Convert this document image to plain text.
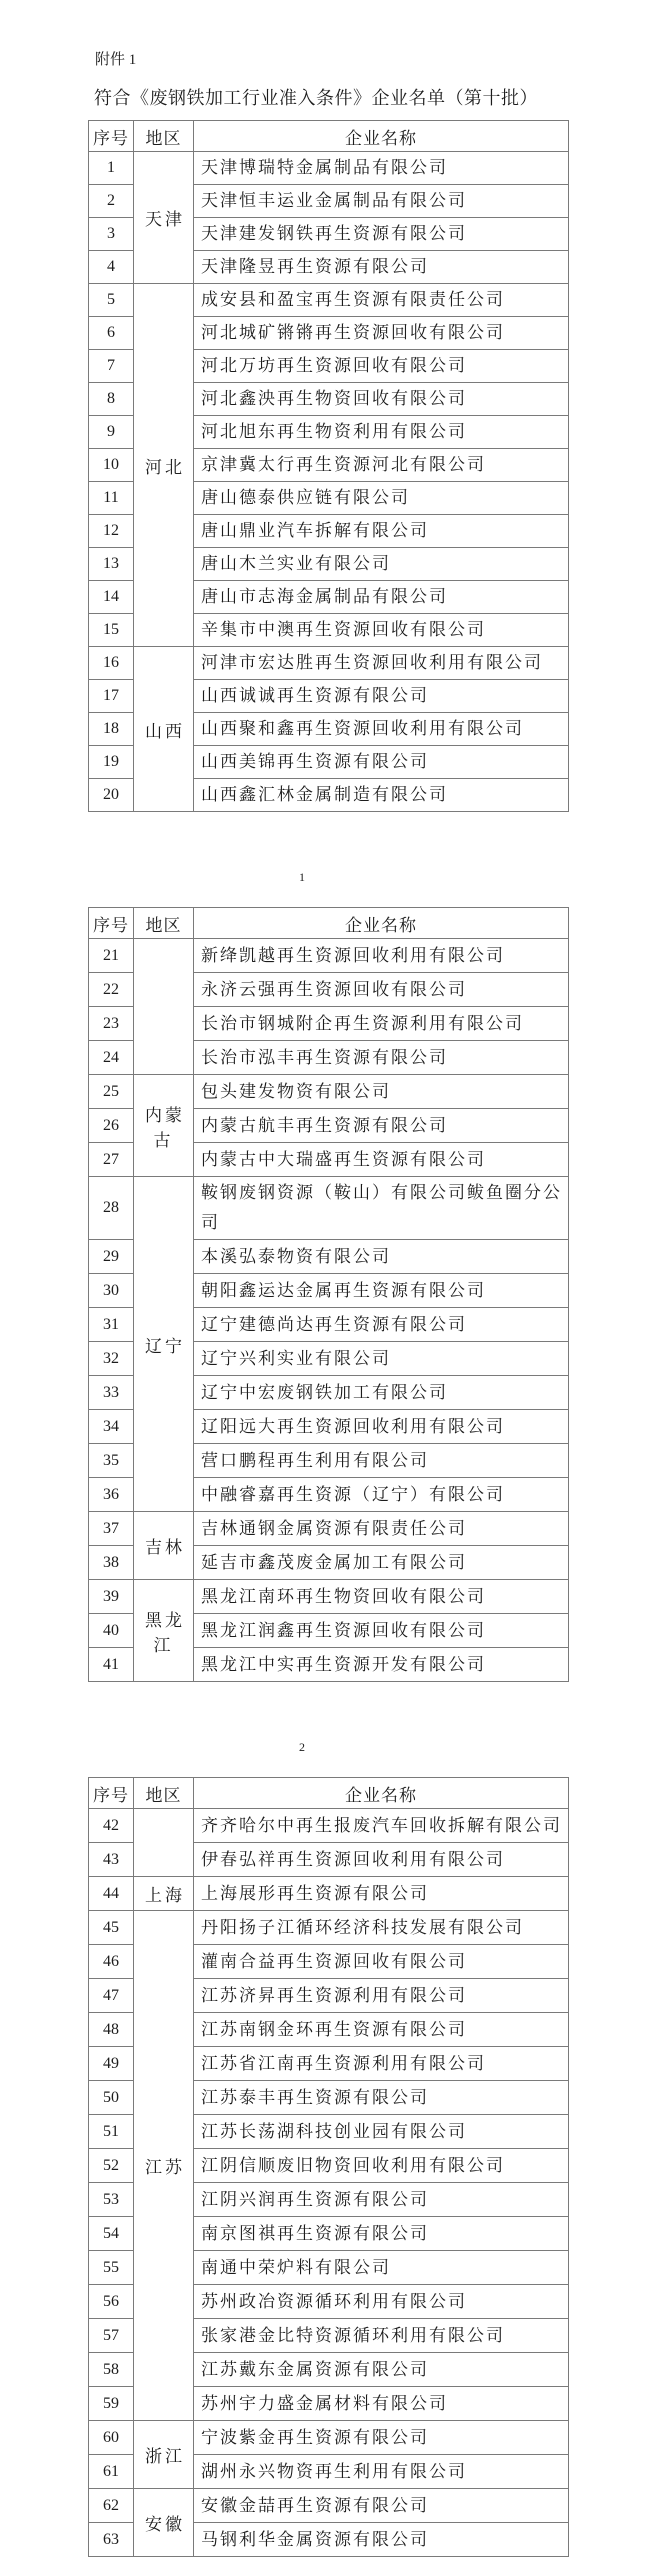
附件 1
符合《废钢铁加工行业准入条件》企业名单（第十批）
序号	地区	企业名称
1	天津	天津博瑞特金属制品有限公司
2		天津恒丰运业金属制品有限公司
3		天津建发钢铁再生资源有限公司
4		天津隆昱再生资源有限公司
5	河北	成安县和盈宝再生资源有限责任公司
6		河北城矿锵锵再生资源回收有限公司
7		河北万坊再生资源回收有限公司
8		河北鑫泱再生物资回收有限公司
9		河北旭东再生物资利用有限公司
10		京津冀太行再生资源河北有限公司
11		唐山德泰供应链有限公司
12		唐山鼎业汽车拆解有限公司
13		唐山木兰实业有限公司
14		唐山市志海金属制品有限公司
15		辛集市中澳再生资源回收有限公司
16	山西	河津市宏达胜再生资源回收利用有限公司
17		山西诚诚再生资源有限公司
18		山西聚和鑫再生资源回收利用有限公司
19		山西美锦再生资源有限公司
20		山西鑫汇林金属制造有限公司
1
序号	地区	企业名称
21		新绛凯越再生资源回收利用有限公司
22		永济云强再生资源回收有限公司
23		长治市钢城附企再生资源利用有限公司
24		长治市泓丰再生资源有限公司
25	内蒙古	包头建发物资有限公司
26		内蒙古航丰再生资源有限公司
27		内蒙古中大瑞盛再生资源有限公司
28	辽宁	鞍钢废钢资源（鞍山）有限公司鲅鱼圈分公司
29		本溪弘泰物资有限公司
30		朝阳鑫运达金属再生资源有限公司
31		辽宁建德尚达再生资源有限公司
32		辽宁兴利实业有限公司
33		辽宁中宏废钢铁加工有限公司
34		辽阳远大再生资源回收利用有限公司
35		营口鹏程再生利用有限公司
36		中融睿嘉再生资源（辽宁）有限公司
37	吉林	吉林通钢金属资源有限责任公司
38		延吉市鑫茂废金属加工有限公司
39	黑龙江	黑龙江南环再生物资回收有限公司
40		黑龙江润鑫再生资源回收有限公司
41		黑龙江中实再生资源开发有限公司
2
序号	地区	企业名称
42		齐齐哈尔中再生报废汽车回收拆解有限公司
43		伊春弘祥再生资源回收利用有限公司
44	上海	上海展形再生资源有限公司
45	江苏	丹阳扬子江循环经济科技发展有限公司
46		灌南合益再生资源回收有限公司
47		江苏济昇再生资源利用有限公司
48		江苏南钢金环再生资源有限公司
49		江苏省江南再生资源利用有限公司
50		江苏泰丰再生资源有限公司
51		江苏长荡湖科技创业园有限公司
52		江阴信顺废旧物资回收利用有限公司
53		江阴兴润再生资源有限公司
54		南京图祺再生资源有限公司
55		南通中荣炉料有限公司
56		苏州政冶资源循环利用有限公司
57		张家港金比特资源循环利用有限公司
58		江苏戴东金属资源有限公司
59		苏州宇力盛金属材料有限公司
60	浙江	宁波紫金再生资源有限公司
61		湖州永兴物资再生利用有限公司
62	安徽	安徽金喆再生资源有限公司
63		马钢利华金属资源有限公司
